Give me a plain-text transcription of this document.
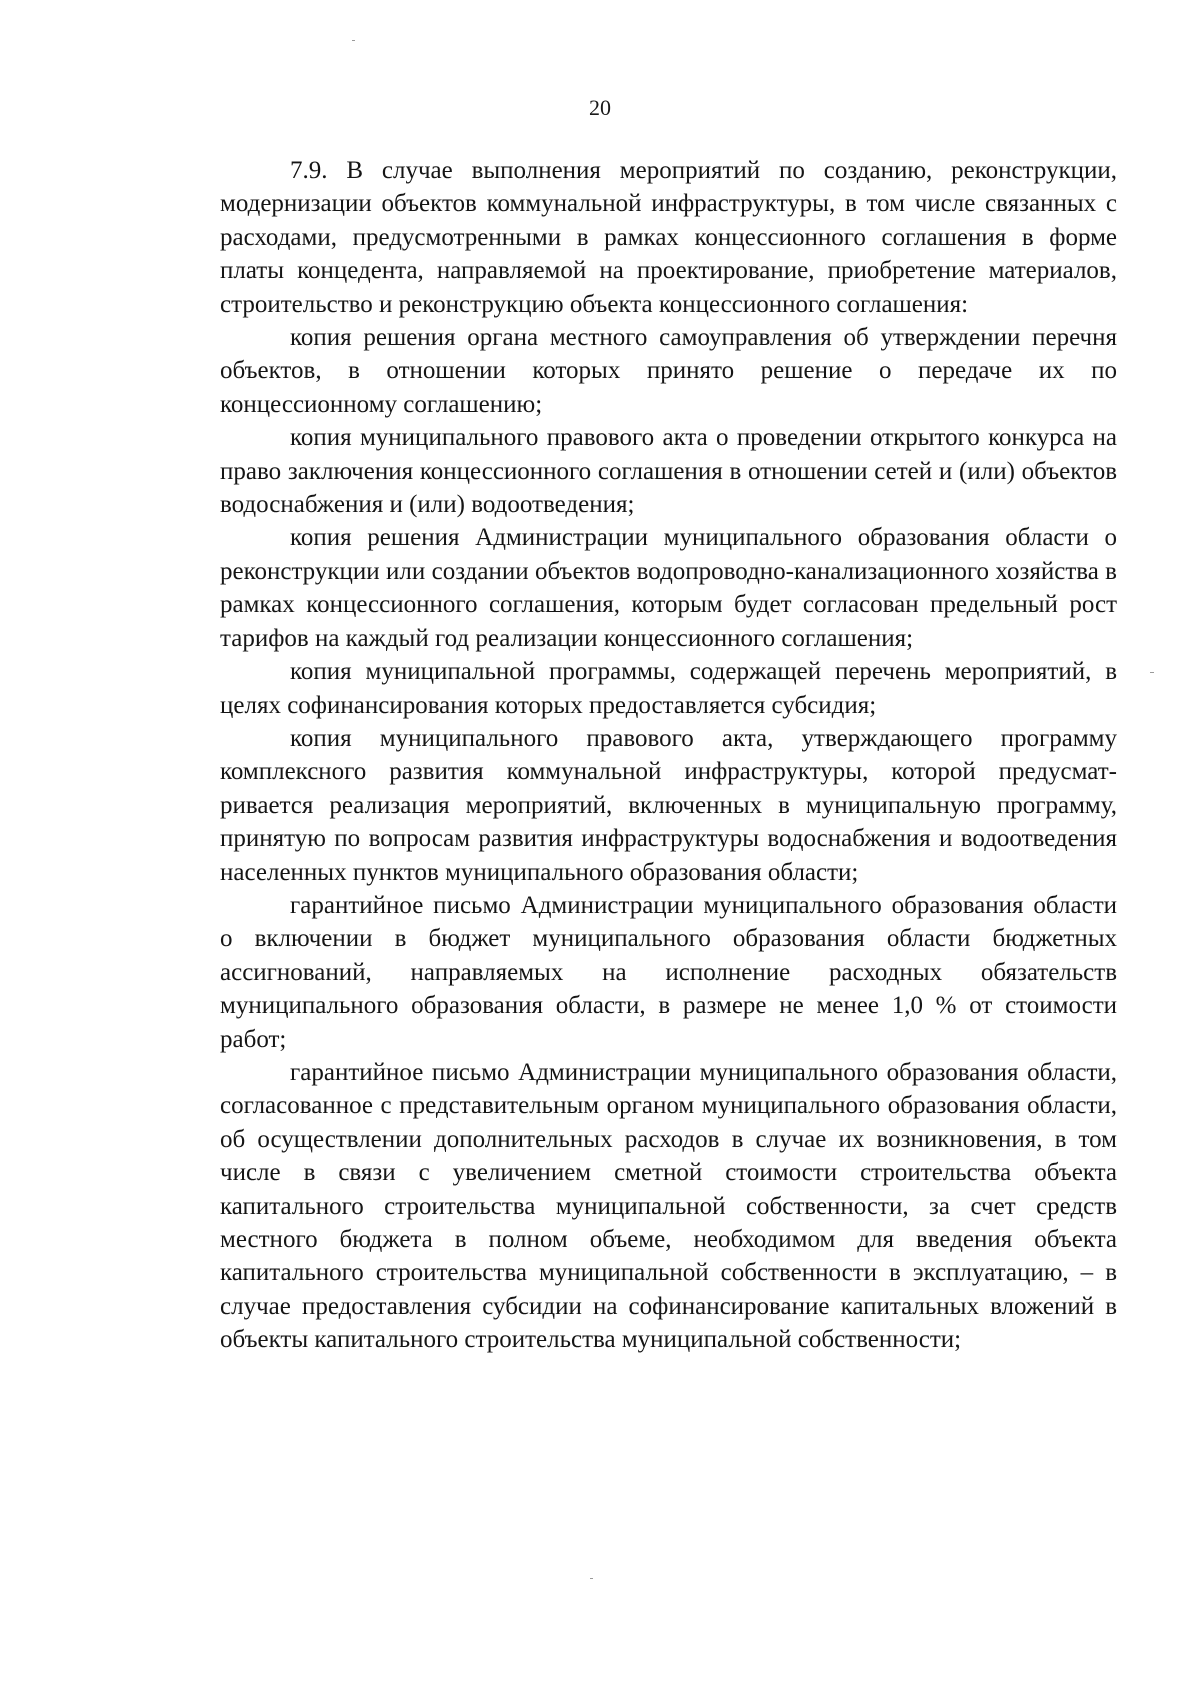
20

7.9. В случае выполнения мероприятий по созданию, реконструкции, модернизации объектов коммунальной инфраструктуры, в том числе связанных с расходами, предусмотренными в рамках концессионного соглашения в форме платы концедента, направляемой на проектирование, приобретение материалов, строительство и реконструкцию объекта концессионного соглашения:

копия решения органа местного самоуправления об утверждении перечня объектов, в отношении которых принято решение о передаче их по концессионному соглашению;

копия муниципального правового акта о проведении открытого конкурса на право заключения концессионного соглашения в отношении сетей и (или) объектов водоснабжения и (или) водоотведения;

копия решения Администрации муниципального образования области о реконструкции или создании объектов водопроводно-канализационного хозяйства в рамках концессионного соглашения, которым будет согласован предельный рост тарифов на каждый год реализации концессионного соглашения;

копия муниципальной программы, содержащей перечень мероприятий, в целях софинансирования которых предоставляется субсидия;

копия муниципального правового акта, утверждающего программу комплексного развития коммунальной инфраструктуры, которой предусматривается реализация мероприятий, включенных в муниципальную программу, принятую по вопросам развития инфраструктуры водоснабжения и водоотведения населенных пунктов муниципального образования области;

гарантийное письмо Администрации муниципального образования области о включении в бюджет муниципального образования области бюджетных ассигнований, направляемых на исполнение расходных обязательств муниципального образования области, в размере не менее 1,0 % от стоимости работ;

гарантийное письмо Администрации муниципального образования области, согласованное с представительным органом муниципального образования области, об осуществлении дополнительных расходов в случае их возникновения, в том числе в связи с увеличением сметной стоимости строительства объекта капитального строительства муниципальной собственности, за счет средств местного бюджета в полном объеме, необходимом для введения объекта капитального строительства муниципальной собственности в эксплуатацию, – в случае предоставления субсидии на софинансирование капитальных вложений в объекты капитального строительства муниципальной собственности;
